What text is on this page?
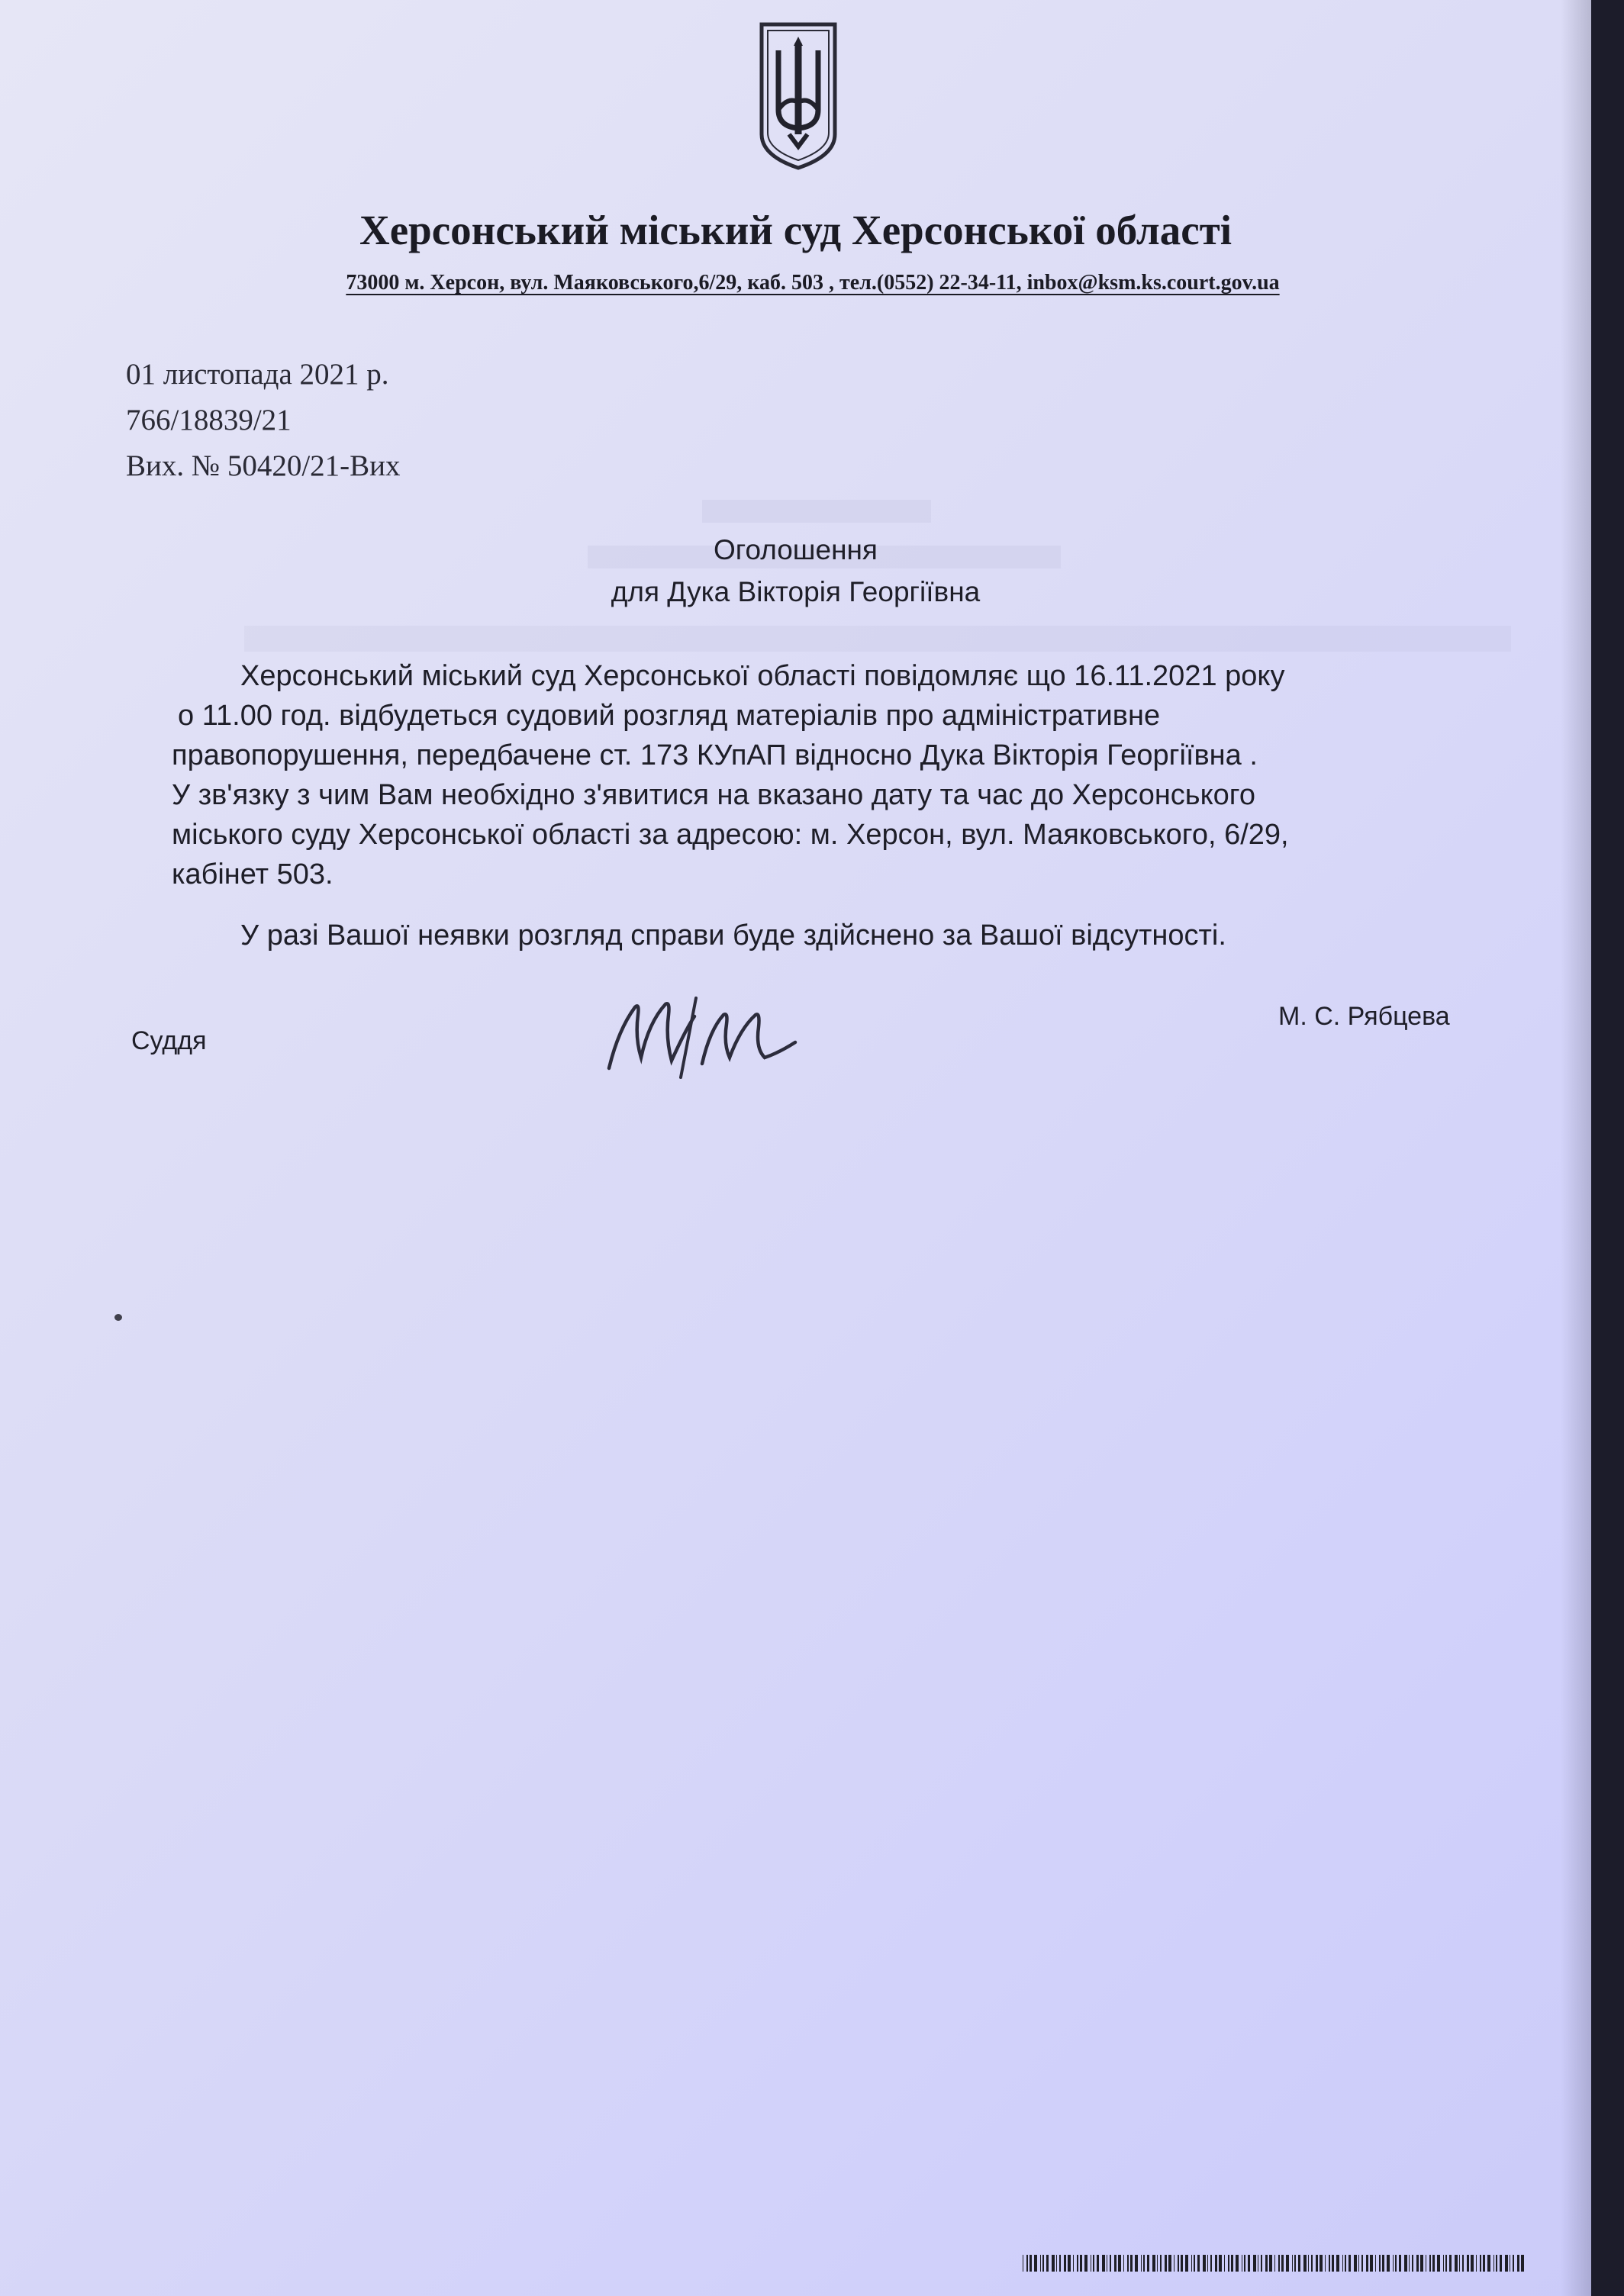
Херсонський міський суд Херсонської області
73000 м. Херсон, вул. Маяковського,6/29, каб. 503 , тел.(0552) 22-34-11, inbox@ksm.ks.court.gov.ua
01 листопада 2021 р.
766/18839/21
Вих. № 50420/21-Вих
Оголошення
для Дука Вікторія Георгіївна
Херсонський міський суд Херсонської області повідомляє що 16.11.2021 року
о 11.00 год. відбудеться судовий розгляд матеріалів про адміністративне
правопорушення, передбачене ст. 173 КУпАП відносно Дука Вікторія Георгіївна .
У зв'язку з чим Вам необхідно з'явитися на вказано дату та час до Херсонського
міського суду Херсонської області за адресою: м. Херсон, вул. Маяковського, 6/29,
кабінет 503.
У разі Вашої неявки розгляд справи буде здійснено за Вашої відсутності.
Суддя
М. С. Рябцева
